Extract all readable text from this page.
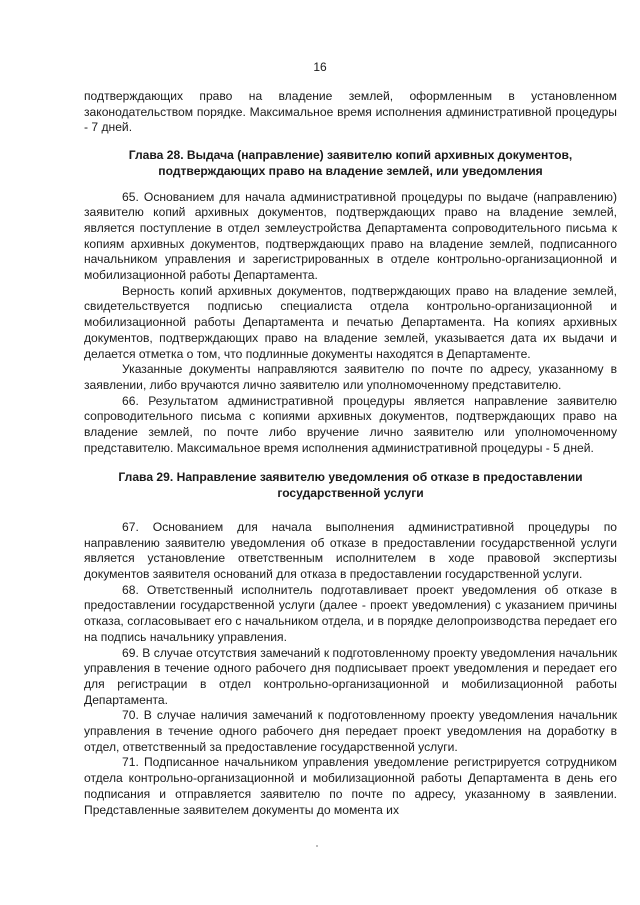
16

подтверждающих право на владение землей, оформленным в установленном законодательством порядке. Максимальное время исполнения административной процедуры - 7 дней.

Глава 28. Выдача (направление) заявителю копий архивных документов, подтверждающих право на владение землей, или уведомления

65. Основанием для начала административной процедуры по выдаче (направлению) заявителю копий архивных документов, подтверждающих право на владение землей, является поступление в отдел землеустройства Департамента сопроводительного письма к копиям архивных документов, подтверждающих право на владение землей, подписанного начальником управления и зарегистрированных в отделе контрольно-организационной и мобилизационной работы Департамента.

Верность копий архивных документов, подтверждающих право на владение землей, свидетельствуется подписью специалиста отдела контрольно-организационной и мобилизационной работы Департамента и печатью Департамента. На копиях архивных документов, подтверждающих право на владение землей, указывается дата их выдачи и делается отметка о том, что подлинные документы находятся в Департаменте.

Указанные документы направляются заявителю по почте по адресу, указанному в заявлении, либо вручаются лично заявителю или уполномоченному представителю.

66. Результатом административной процедуры является направление заявителю сопроводительного письма с копиями архивных документов, подтверждающих право на владение землей, по почте либо вручение лично заявителю или уполномоченному представителю. Максимальное время исполнения административной процедуры - 5 дней.

Глава 29. Направление заявителю уведомления об отказе в предоставлении государственной услуги

67. Основанием для начала выполнения административной процедуры по направлению заявителю уведомления об отказе в предоставлении государственной услуги является установление ответственным исполнителем в ходе правовой экспертизы документов заявителя оснований для отказа в предоставлении государственной услуги.

68. Ответственный исполнитель подготавливает проект уведомления об отказе в предоставлении государственной услуги (далее - проект уведомления) с указанием причины отказа, согласовывает его с начальником отдела, и в порядке делопроизводства передает его на подпись начальнику управления.

69. В случае отсутствия замечаний к подготовленному проекту уведомления начальник управления в течение одного рабочего дня подписывает проект уведомления и передает его для регистрации в отдел контрольно-организационной и мобилизационной работы Департамента.

70. В случае наличия замечаний к подготовленному проекту уведомления начальник управления в течение одного рабочего дня передает проект уведомления на доработку в отдел, ответственный за предоставление государственной услуги.

71. Подписанное начальником управления уведомление регистрируется сотрудником отдела контрольно-организационной и мобилизационной работы Департамента в день его подписания и отправляется заявителю по почте по адресу, указанному в заявлении. Представленные заявителем документы до момента их
